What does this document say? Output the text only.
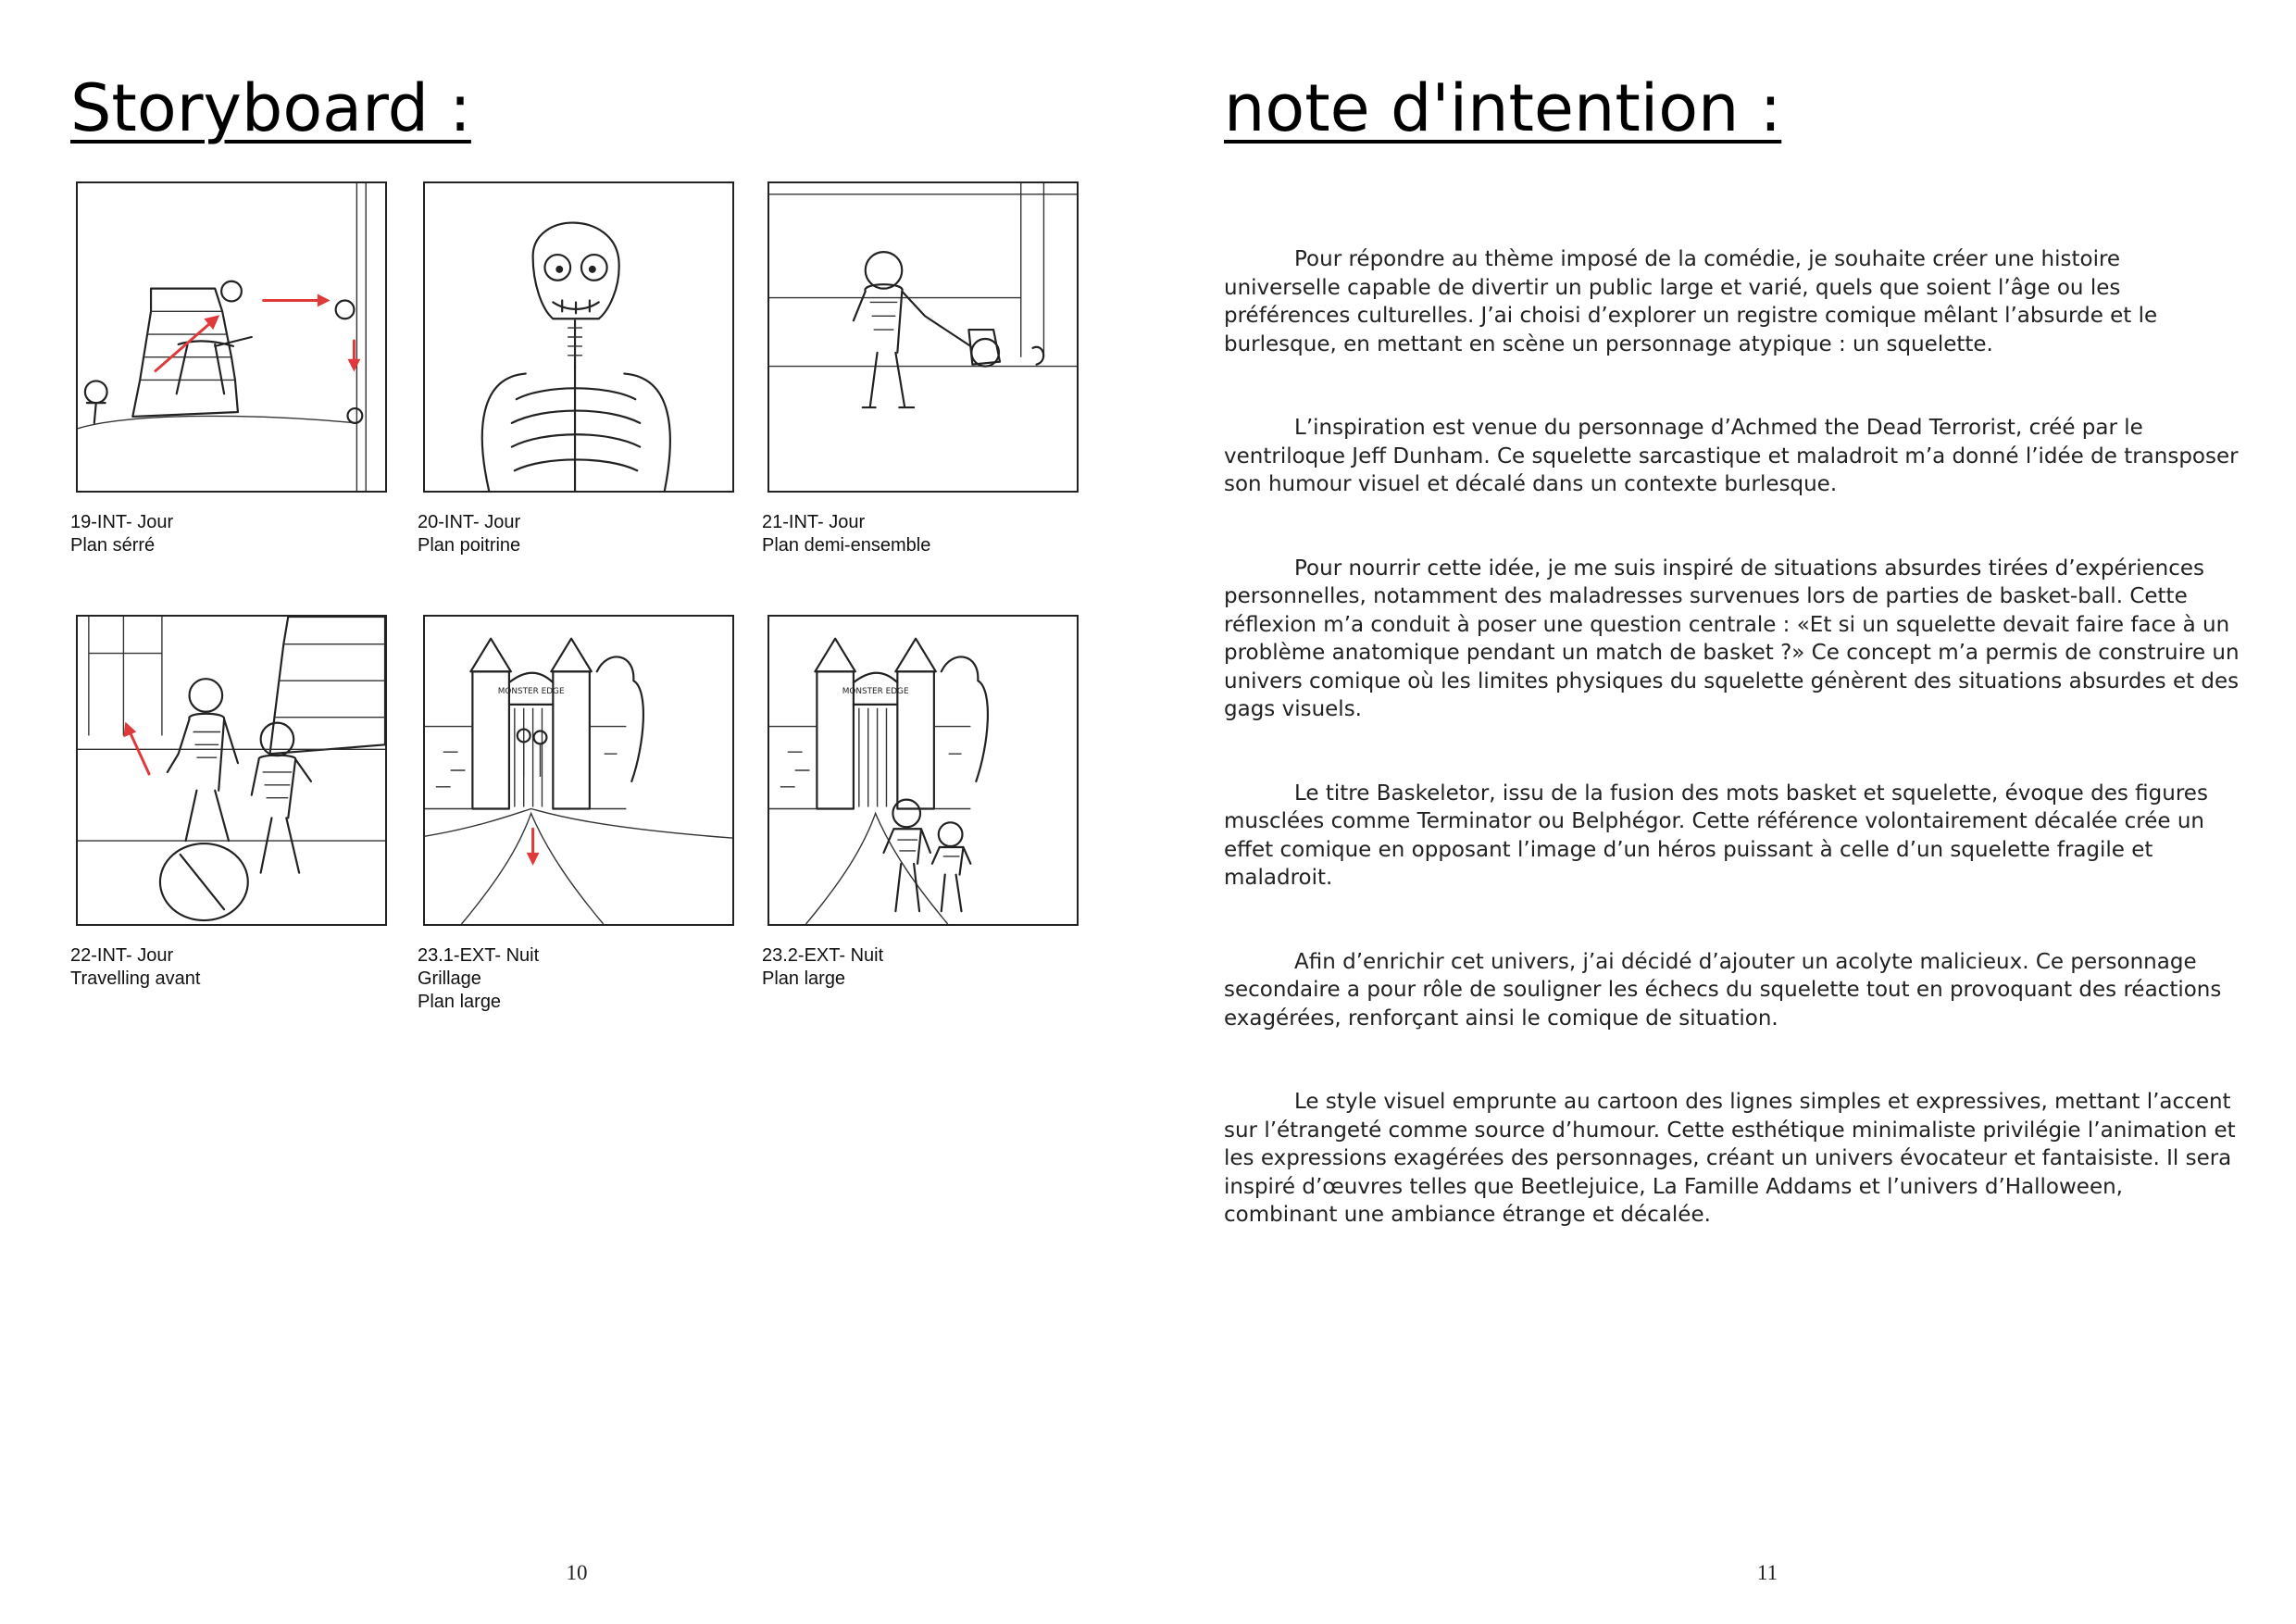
Storyboard :
19-INT- Jour
Plan sérré
20-INT- Jour
Plan poitrine
21-INT- Jour
Plan demi-ensemble
22-INT- Jour
Travelling avant
MONSTER EDGE
23.1-EXT- Nuit
Grillage
Plan large
MONSTER EDGE
23.2-EXT- Nuit
Plan large
10
note d'intention :

Pour répondre au thème imposé de la comédie, je souhaite créer une histoire universelle capable de divertir un public large et varié, quels que soient l’âge ou les préférences culturelles. J’ai choisi d’explorer un registre comique mêlant l’absurde et le burlesque, en mettant en scène un personnage atypique : un squelette.

L’inspiration est venue du personnage d’Achmed the Dead Terrorist, créé par le ventriloque Jeff Dunham. Ce squelette sarcastique et maladroit m’a donné l’idée de transposer son humour visuel et décalé dans un contexte burlesque.

Pour nourrir cette idée, je me suis inspiré de situations absurdes tirées d’expériences personnelles, notamment des maladresses survenues lors de parties de basket-ball. Cette réflexion m’a conduit à poser une question centrale : «Et si un squelette devait faire face à un problème anatomique pendant un match de basket ?» Ce concept m’a permis de construire un univers comique où les limites physiques du squelette génèrent des situations absurdes et des gags visuels.

Le titre Baskeletor, issu de la fusion des mots basket et squelette, évoque des figures musclées comme Terminator ou Belphégor. Cette référence volontairement décalée crée un effet comique en opposant l’image d’un héros puissant à celle d’un squelette fragile et maladroit.

Afin d’enrichir cet univers, j’ai décidé d’ajouter un acolyte malicieux. Ce personnage secondaire a pour rôle de souligner les échecs du squelette tout en provoquant des réactions exagérées, renforçant ainsi le comique de situation.

Le style visuel emprunte au cartoon des lignes simples et expressives, mettant l’accent sur l’étrangeté comme source d’humour. Cette esthétique minimaliste privilégie l’animation et les expressions exagérées des personnages, créant un univers évocateur et fantaisiste. Il sera inspiré d’œuvres telles que Beetlejuice, La Famille Addams et l’univers d’Halloween, combinant une ambiance étrange et décalée.

11
